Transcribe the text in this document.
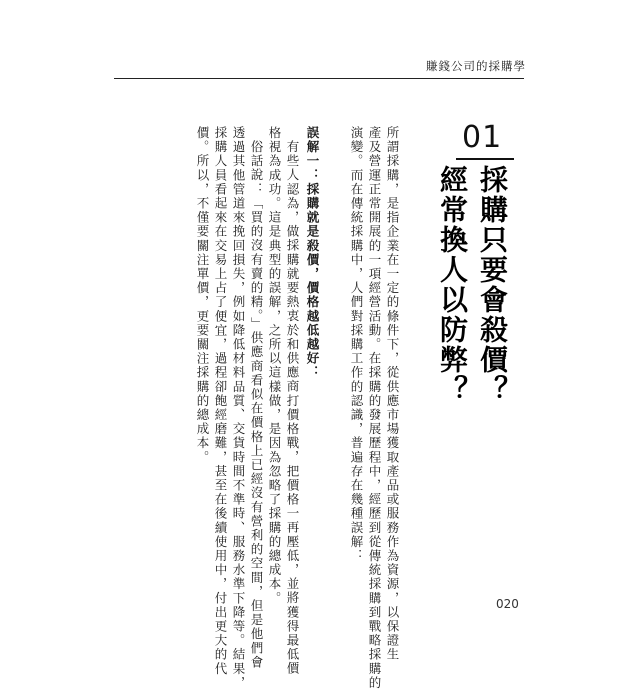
賺錢公司的採購學
01
採購只要會殺價？
經常換人以防弊？
所謂採購，是指企業在一定的條件下，從供應市場獲取產品或服務作為資源，以保證生
產及營運正常開展的一項經營活動。在採購的發展歷程中，經歷到從傳統採購到戰略採購的
演變。而在傳統採購中，人們對採購工作的認識，普遍存在幾種誤解：
誤解一：採購就是殺價，價格越低越好：
有些人認為，做採購就要熱衷於和供應商打價格戰，把價格一再壓低，並將獲得最低價
格視為成功。這是典型的誤解，之所以這樣做，是因為忽略了採購的總成本。
俗話說：「買的沒有賣的精。」供應商看似在價格上已經沒有營利的空間，但是他們會
透過其他管道來挽回損失，例如降低材料品質、交貨時間不準時、服務水準下降等。結果，
採購人員看起來在交易上占了便宜，過程卻飽經磨難，甚至在後續使用中，付出更大的代
價。所以，不僅要關注單價，更要關注採購的總成本。
020
